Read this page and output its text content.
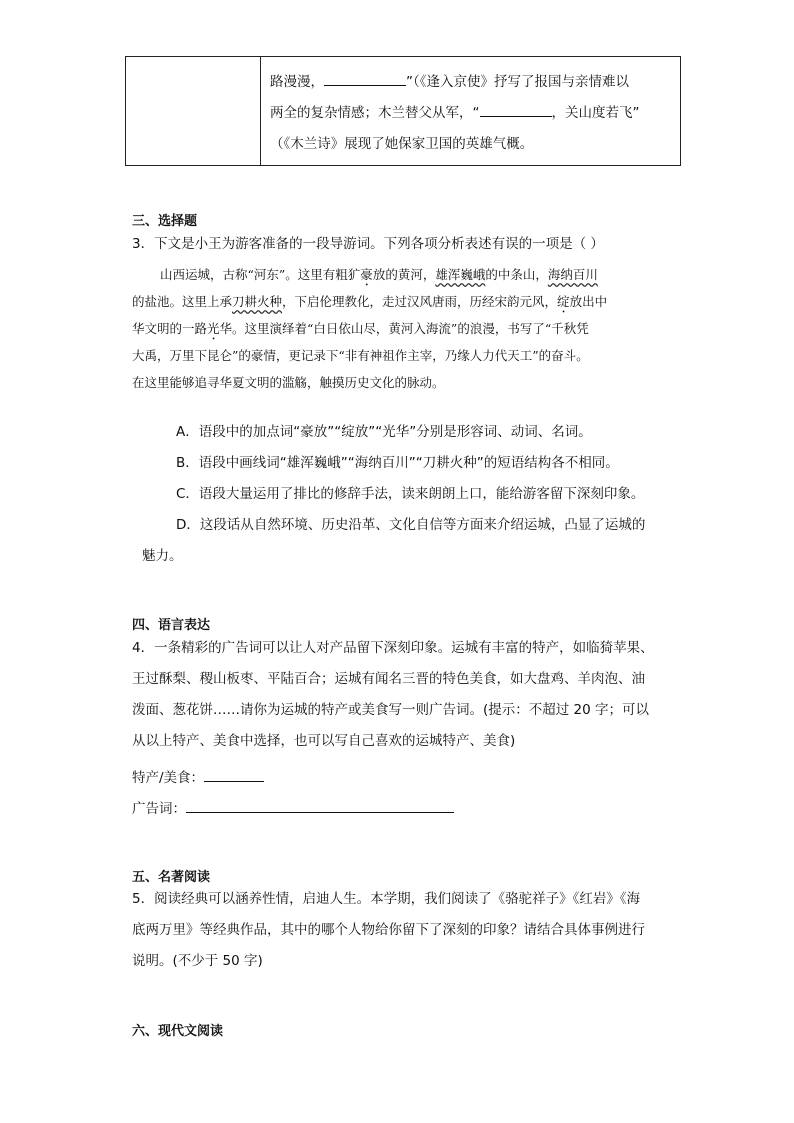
路漫漫，	”（《逢入京使》抒写了报国与亲情难以
两全的复杂情感；木兰替父从军，“	，关山度若飞”
（《木兰诗》展现了她保家卫国的英雄气概。
三、选择题
3．下文是小王为游客准备的一段导游词。下列各项分析表述有误的一项是（ ）
山西运城，古称“河东”。这里有粗犷豪放的黄河，雄浑巍峨的中条山，海纳百川
的盐池。这里上承刀耕火种，下启伦理教化，走过汉风唐雨，历经宋韵元风，绽放出中
华文明的一路光华。这里演绎着“白日依山尽，黄河入海流”的浪漫，书写了“千秋凭
大禹，万里下昆仑”的豪情，更记录下“非有神祖作主宰，乃缘人力代天工”的奋斗。
在这里能够追寻华夏文明的滥觞，触摸历史文化的脉动。
A．语段中的加点词“豪放”“绽放”“光华”分别是形容词、动词、名词。
B．语段中画线词“雄浑巍峨”“海纳百川”“刀耕火种”的短语结构各不相同。
C．语段大量运用了排比的修辞手法，读来朗朗上口，能给游客留下深刻印象。
D．这段话从自然环境、历史沿革、文化自信等方面来介绍运城，凸显了运城的
魅力。
四、语言表达
4．一条精彩的广告词可以让人对产品留下深刻印象。运城有丰富的特产，如临猗苹果、
王过酥梨、稷山板枣、平陆百合；运城有闻名三晋的特色美食，如大盘鸡、羊肉泡、油
泼面、葱花饼……请你为运城的特产或美食写一则广告词。(提示：不超过 20 字；可以
从以上特产、美食中选择，也可以写自己喜欢的运城特产、美食)
特产/美食：
广告词：
五、名著阅读
5．阅读经典可以涵养性情，启迪人生。本学期，我们阅读了《骆驼祥子》《红岩》《海
底两万里》等经典作品，其中的哪个人物给你留下了深刻的印象？请结合具体事例进行
说明。(不少于 50 字)
六、现代文阅读
